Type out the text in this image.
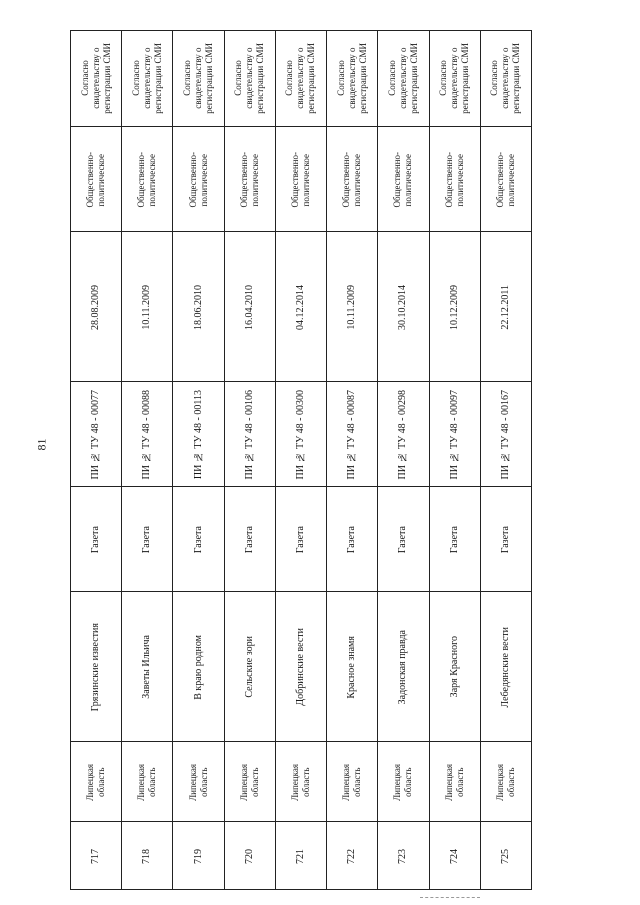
81
Согласно
свидетельству о
регистрации СМИ
Общественно-
политическое
28.08.2009
ПИ № ТУ 48 - 00077
Газета
Грязинские известия
Липецкая
область
717
Согласно
свидетельству о
регистрации СМИ
Общественно-
политическое
10.11.2009
ПИ № ТУ 48 - 00088
Газета
Заветы Ильича
Липецкая
область
718
Согласно
свидетельству о
регистрации СМИ
Общественно-
политическое
18.06.2010
ПИ № ТУ 48 - 00113
Газета
В краю родном
Липецкая
область
719
Согласно
свидетельству о
регистрации СМИ
Общественно-
политическое
16.04.2010
ПИ № ТУ 48 - 00106
Газета
Сельские зори
Липецкая
область
720
Согласно
свидетельству о
регистрации СМИ
Общественно-
политическое
04.12.2014
ПИ № ТУ 48 - 00300
Газета
Добринские вести
Липецкая
область
721
Согласно
свидетельству о
регистрации СМИ
Общественно-
политическое
10.11.2009
ПИ № ТУ 48 - 00087
Газета
Красное знамя
Липецкая
область
722
Согласно
свидетельству о
регистрации СМИ
Общественно-
политическое
30.10.2014
ПИ № ТУ 48 - 00298
Газета
Задонская правда
Липецкая
область
723
Согласно
свидетельству о
регистрации СМИ
Общественно-
политическое
10.12.2009
ПИ № ТУ 48 - 00097
Газета
Заря Красного
Липецкая
область
724
Согласно
свидетельству о
регистрации СМИ
Общественно-
политическое
22.12.2011
ПИ № ТУ 48 - 00167
Газета
Лебедянские вести
Липецкая
область
725
